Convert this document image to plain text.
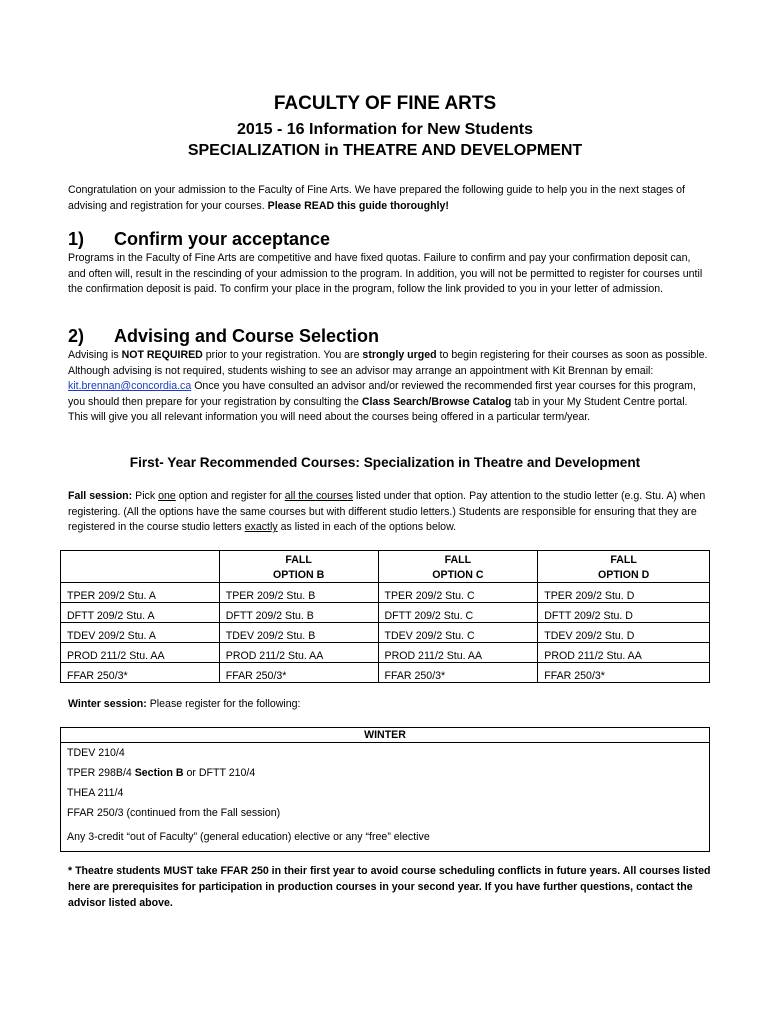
FACULTY OF FINE ARTS
2015 - 16 Information for New Students
SPECIALIZATION in THEATRE AND DEVELOPMENT

Congratulation on your admission to the Faculty of Fine Arts. We have prepared the following guide to help you in the next stages of advising and registration for your courses. Please READ this guide thoroughly!

1) Confirm your acceptance
Programs in the Faculty of Fine Arts are competitive and have fixed quotas. Failure to confirm and pay your confirmation deposit can, and often will, result in the rescinding of your admission to the program. In addition, you will not be permitted to register for courses until the confirmation deposit is paid. To confirm your place in the program, follow the link provided to you in your letter of admission.
2) Advising and Course Selection
Advising is NOT REQUIRED prior to your registration. You are strongly urged to begin registering for their courses as soon as possible. Although advising is not required, students wishing to see an advisor may arrange an appointment with Kit Brennan by email: kit.brennan@concordia.ca Once you have consulted an advisor and/or reviewed the recommended first year courses for this program, you should then prepare for your registration by consulting the Class Search/Browse Catalog tab in your My Student Centre portal. This will give you all relevant information you will need about the courses being offered in a particular term/year.
First- Year Recommended Courses: Specialization in Theatre and Development
Fall session: Pick one option and register for all the courses listed under that option. Pay attention to the studio letter (e.g. Stu. A) when registering. (All the options have the same courses but with different studio letters.) Students are responsible for ensuring that they are registered in the course studio letters exactly as listed in each of the options below.

	FALL
OPTION B	FALL
OPTION C	FALL
OPTION D

TPER 209/2 Stu. A	TPER 209/2 Stu. B	TPER 209/2 Stu. C	TPER 209/2 Stu. D
DFTT 209/2 Stu. A	DFTT 209/2 Stu. B	DFTT 209/2 Stu. C	DFTT 209/2 Stu. D
TDEV 209/2 Stu. A	TDEV 209/2 Stu. B	TDEV 209/2 Stu. C	TDEV 209/2 Stu. D
PROD 211/2 Stu. AA	PROD 211/2 Stu. AA	PROD 211/2 Stu. AA	PROD 211/2 Stu. AA
FFAR 250/3*	FFAR 250/3*	FFAR 250/3*	FFAR 250/3*
Winter session: Please register for the following:
WINTER
TDEV 210/4
TPER 298B/4 Section B or DFTT 210/4
THEA 211/4
FFAR 250/3 (continued from the Fall session)
Any 3-credit “out of Faculty” (general education) elective or any “free” elective
* Theatre students MUST take FFAR 250 in their first year to avoid course scheduling conflicts in future years. All courses listed here are prerequisites for participation in production courses in your second year. If you have further questions, contact the advisor listed above.
